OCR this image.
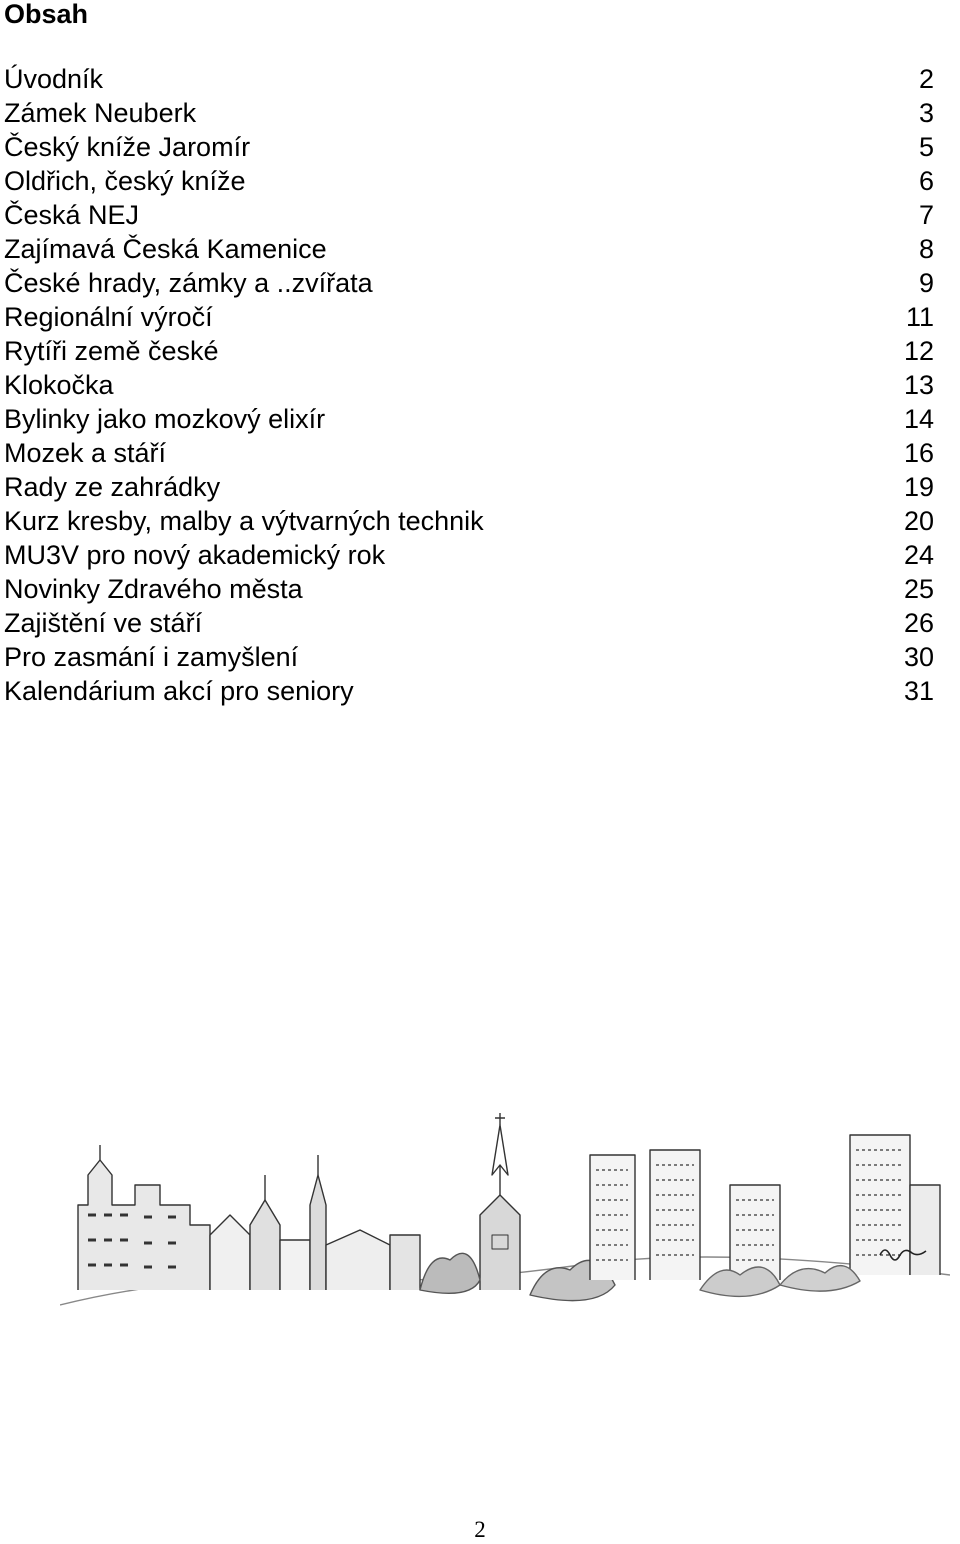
Obsah
Úvodník	2
Zámek Neuberk	3
Český kníže Jaromír	5
Oldřich, český kníže	6
Česká NEJ	7
Zajímavá Česká Kamenice	8
České hrady, zámky a ..zvířata	9
Regionální výročí	11
Rytíři země české	12
Klokočka	13
Bylinky jako mozkový elixír	14
Mozek a stáří	16
Rady ze zahrádky	19
Kurz kresby, malby a výtvarných technik	20
MU3V pro nový akademický rok	24
Novinky Zdravého města	25
Zajištění ve stáří	26
Pro zasmání i zamyšlení	30
Kalendárium akcí pro seniory	31
2
